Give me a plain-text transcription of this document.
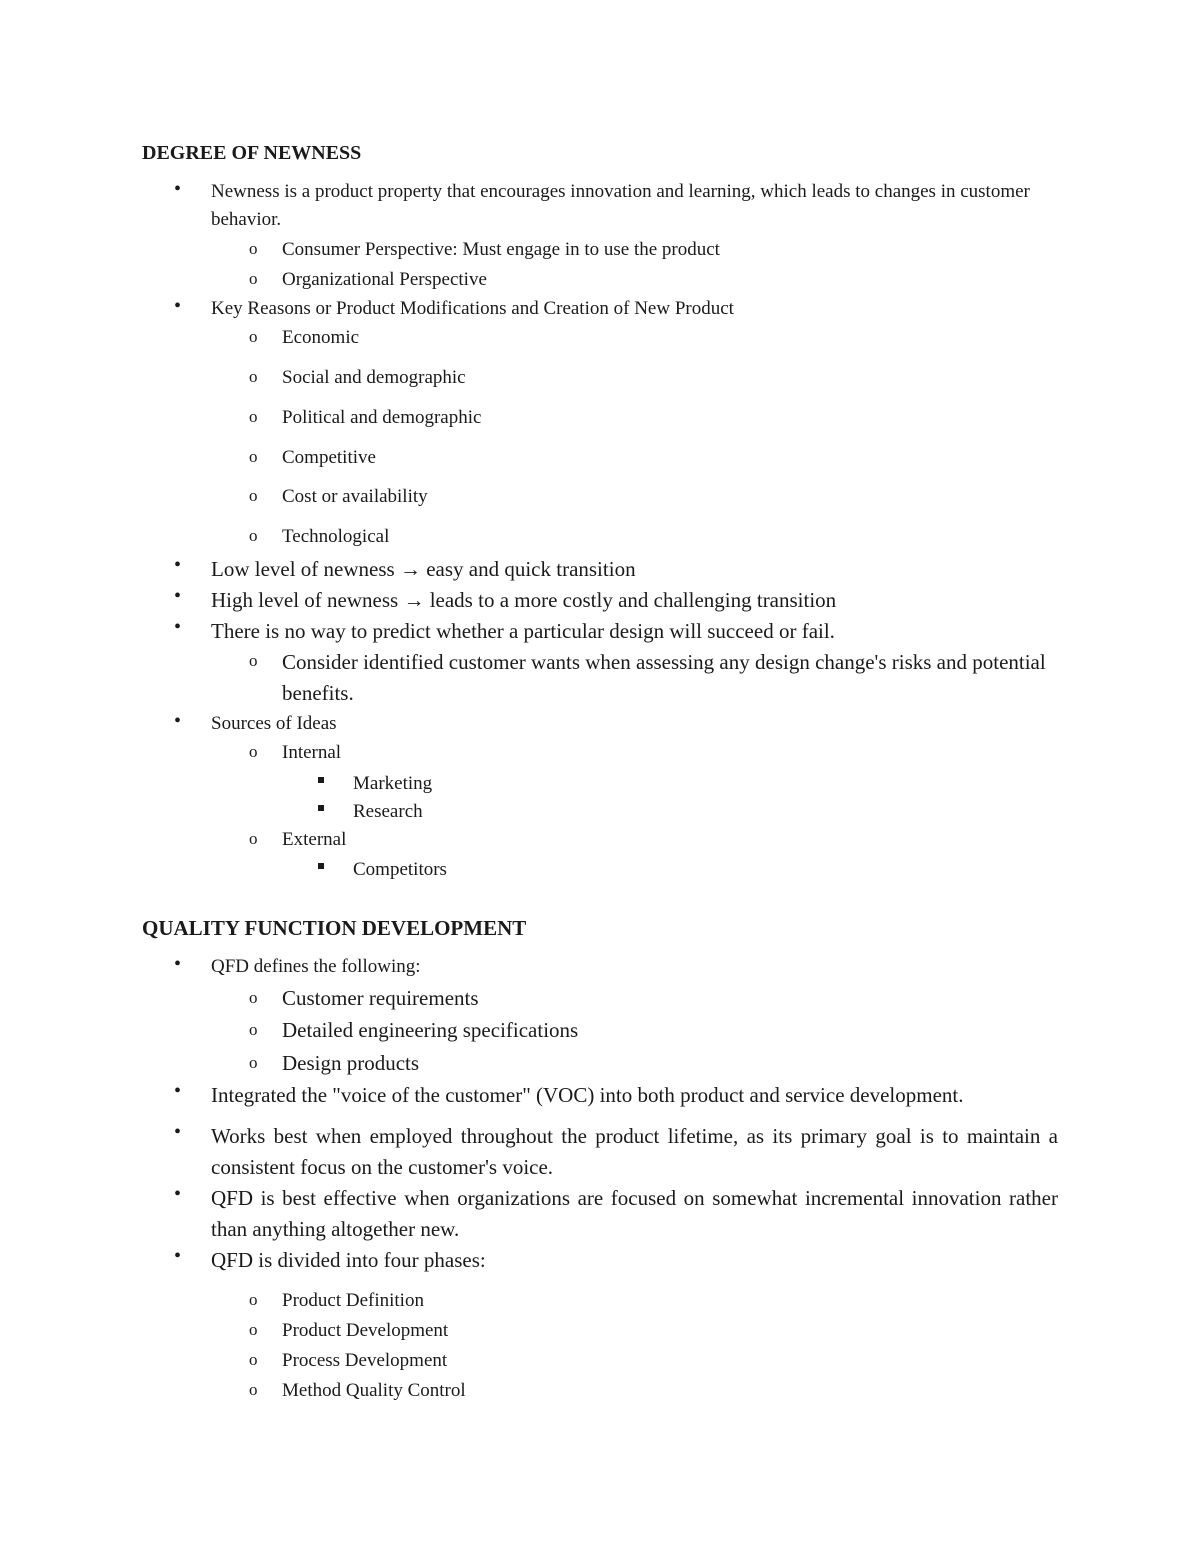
DEGREE OF NEWNESS
• Newness is a product property that encourages innovation and learning, which leads to changes in customer behavior.
o Consumer Perspective: Must engage in to use the product
o Organizational Perspective
• Key Reasons or Product Modifications and Creation of New Product
o Economic
o Social and demographic
o Political and demographic
o Competitive
o Cost or availability
o Technological
• Low level of newness → easy and quick transition
• High level of newness → leads to a more costly and challenging transition
• There is no way to predict whether a particular design will succeed or fail.
o Consider identified customer wants when assessing any design change's risks and potential benefits.
• Sources of Ideas
o Internal
Marketing
Research
o External
Competitors
QUALITY FUNCTION DEVELOPMENT
• QFD defines the following:
o Customer requirements
o Detailed engineering specifications
o Design products
• Integrated the "voice of the customer" (VOC) into both product and service development.
• Works best when employed throughout the product lifetime, as its primary goal is to maintain a consistent focus on the customer's voice.
• QFD is best effective when organizations are focused on somewhat incremental innovation rather than anything altogether new.
• QFD is divided into four phases:
o Product Definition
o Product Development
o Process Development
o Method Quality Control
